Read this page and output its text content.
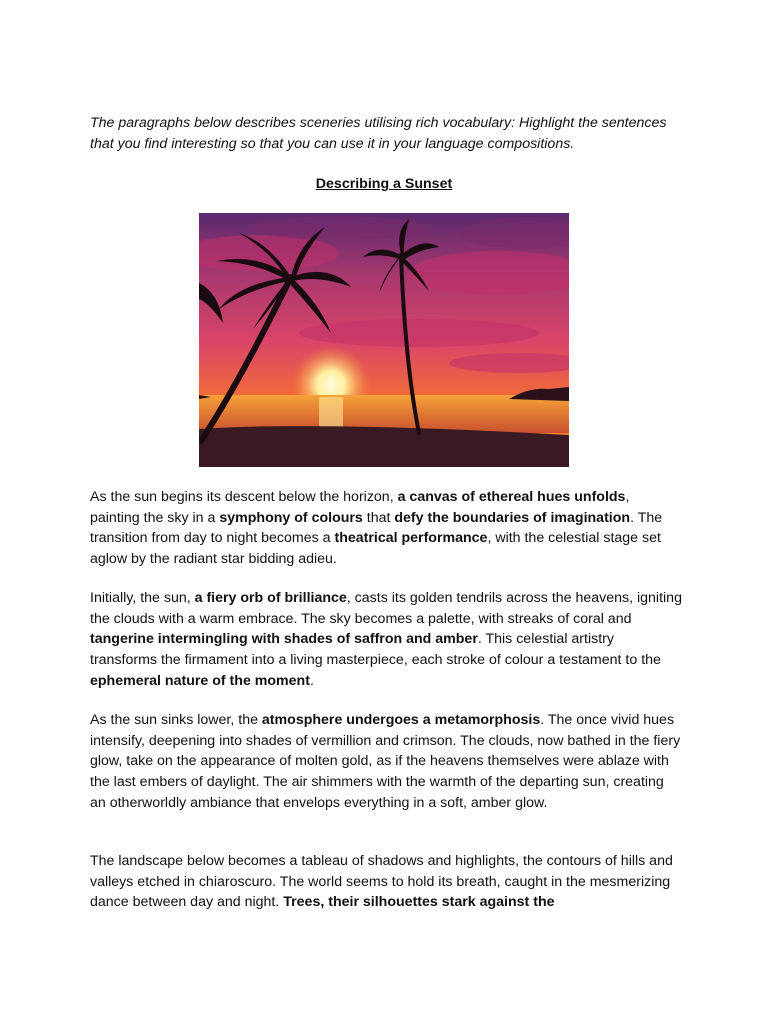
The paragraphs below describes sceneries utilising rich vocabulary: Highlight the sentences that you find interesting so that you can use it in your language compositions.

Describing a Sunset

As the sun begins its descent below the horizon, a canvas of ethereal hues unfolds, painting the sky in a symphony of colours that defy the boundaries of imagination. The transition from day to night becomes a theatrical performance, with the celestial stage set aglow by the radiant star bidding adieu.

Initially, the sun, a fiery orb of brilliance, casts its golden tendrils across the heavens, igniting the clouds with a warm embrace. The sky becomes a palette, with streaks of coral and tangerine intermingling with shades of saffron and amber. This celestial artistry transforms the firmament into a living masterpiece, each stroke of colour a testament to the ephemeral nature of the moment.

As the sun sinks lower, the atmosphere undergoes a metamorphosis. The once vivid hues intensify, deepening into shades of vermillion and crimson. The clouds, now bathed in the fiery glow, take on the appearance of molten gold, as if the heavens themselves were ablaze with the last embers of daylight. The air shimmers with the warmth of the departing sun, creating an otherworldly ambiance that envelops everything in a soft, amber glow.

The landscape below becomes a tableau of shadows and highlights, the contours of hills and valleys etched in chiaroscuro. The world seems to hold its breath, caught in the mesmerizing dance between day and night. Trees, their silhouettes stark against the
